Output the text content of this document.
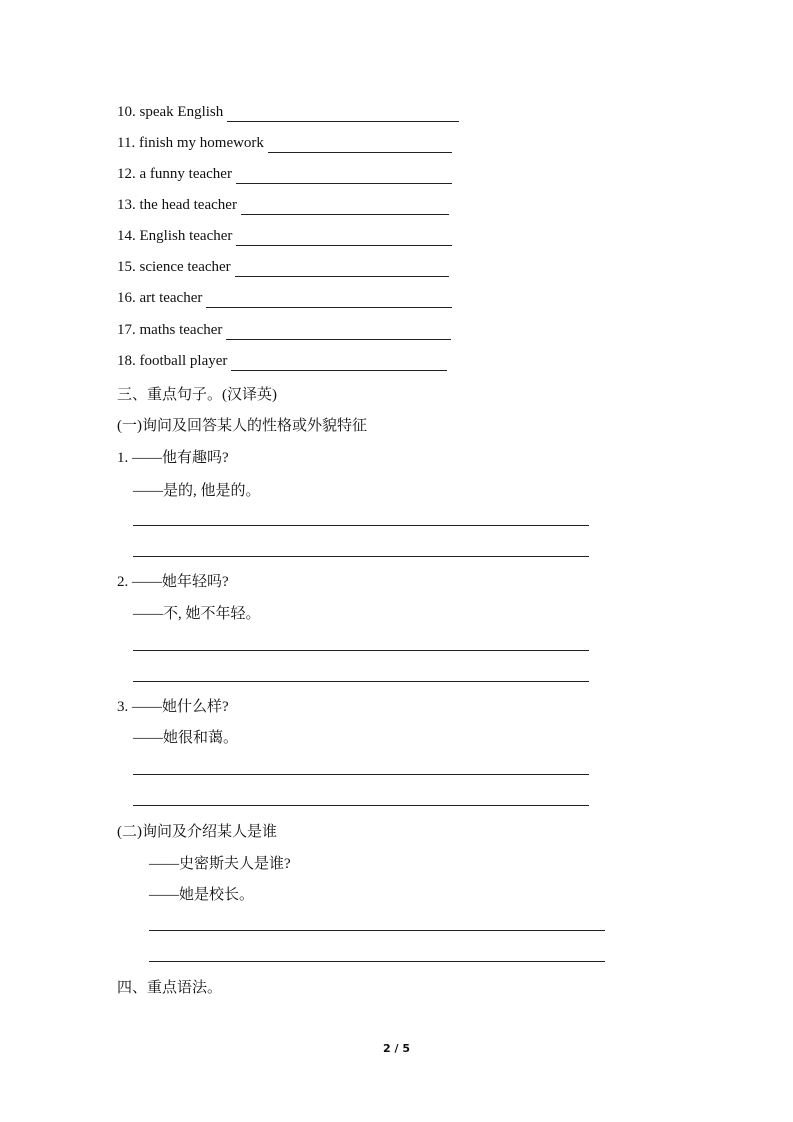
10. speak English
11. finish my homework
12. a funny teacher
13. the head teacher
14. English teacher
15. science teacher
16. art teacher
17. maths teacher
18. football player
三、重点句子。(汉译英)
(一)询问及回答某人的性格或外貌特征
1. ——他有趣吗?
——是的, 他是的。
2. ——她年轻吗?
——不, 她不年轻。
3. ——她什么样?
——她很和蔼。
(二)询问及介绍某人是谁
——史密斯夫人是谁?
——她是校长。
四、重点语法。
2 / 5
